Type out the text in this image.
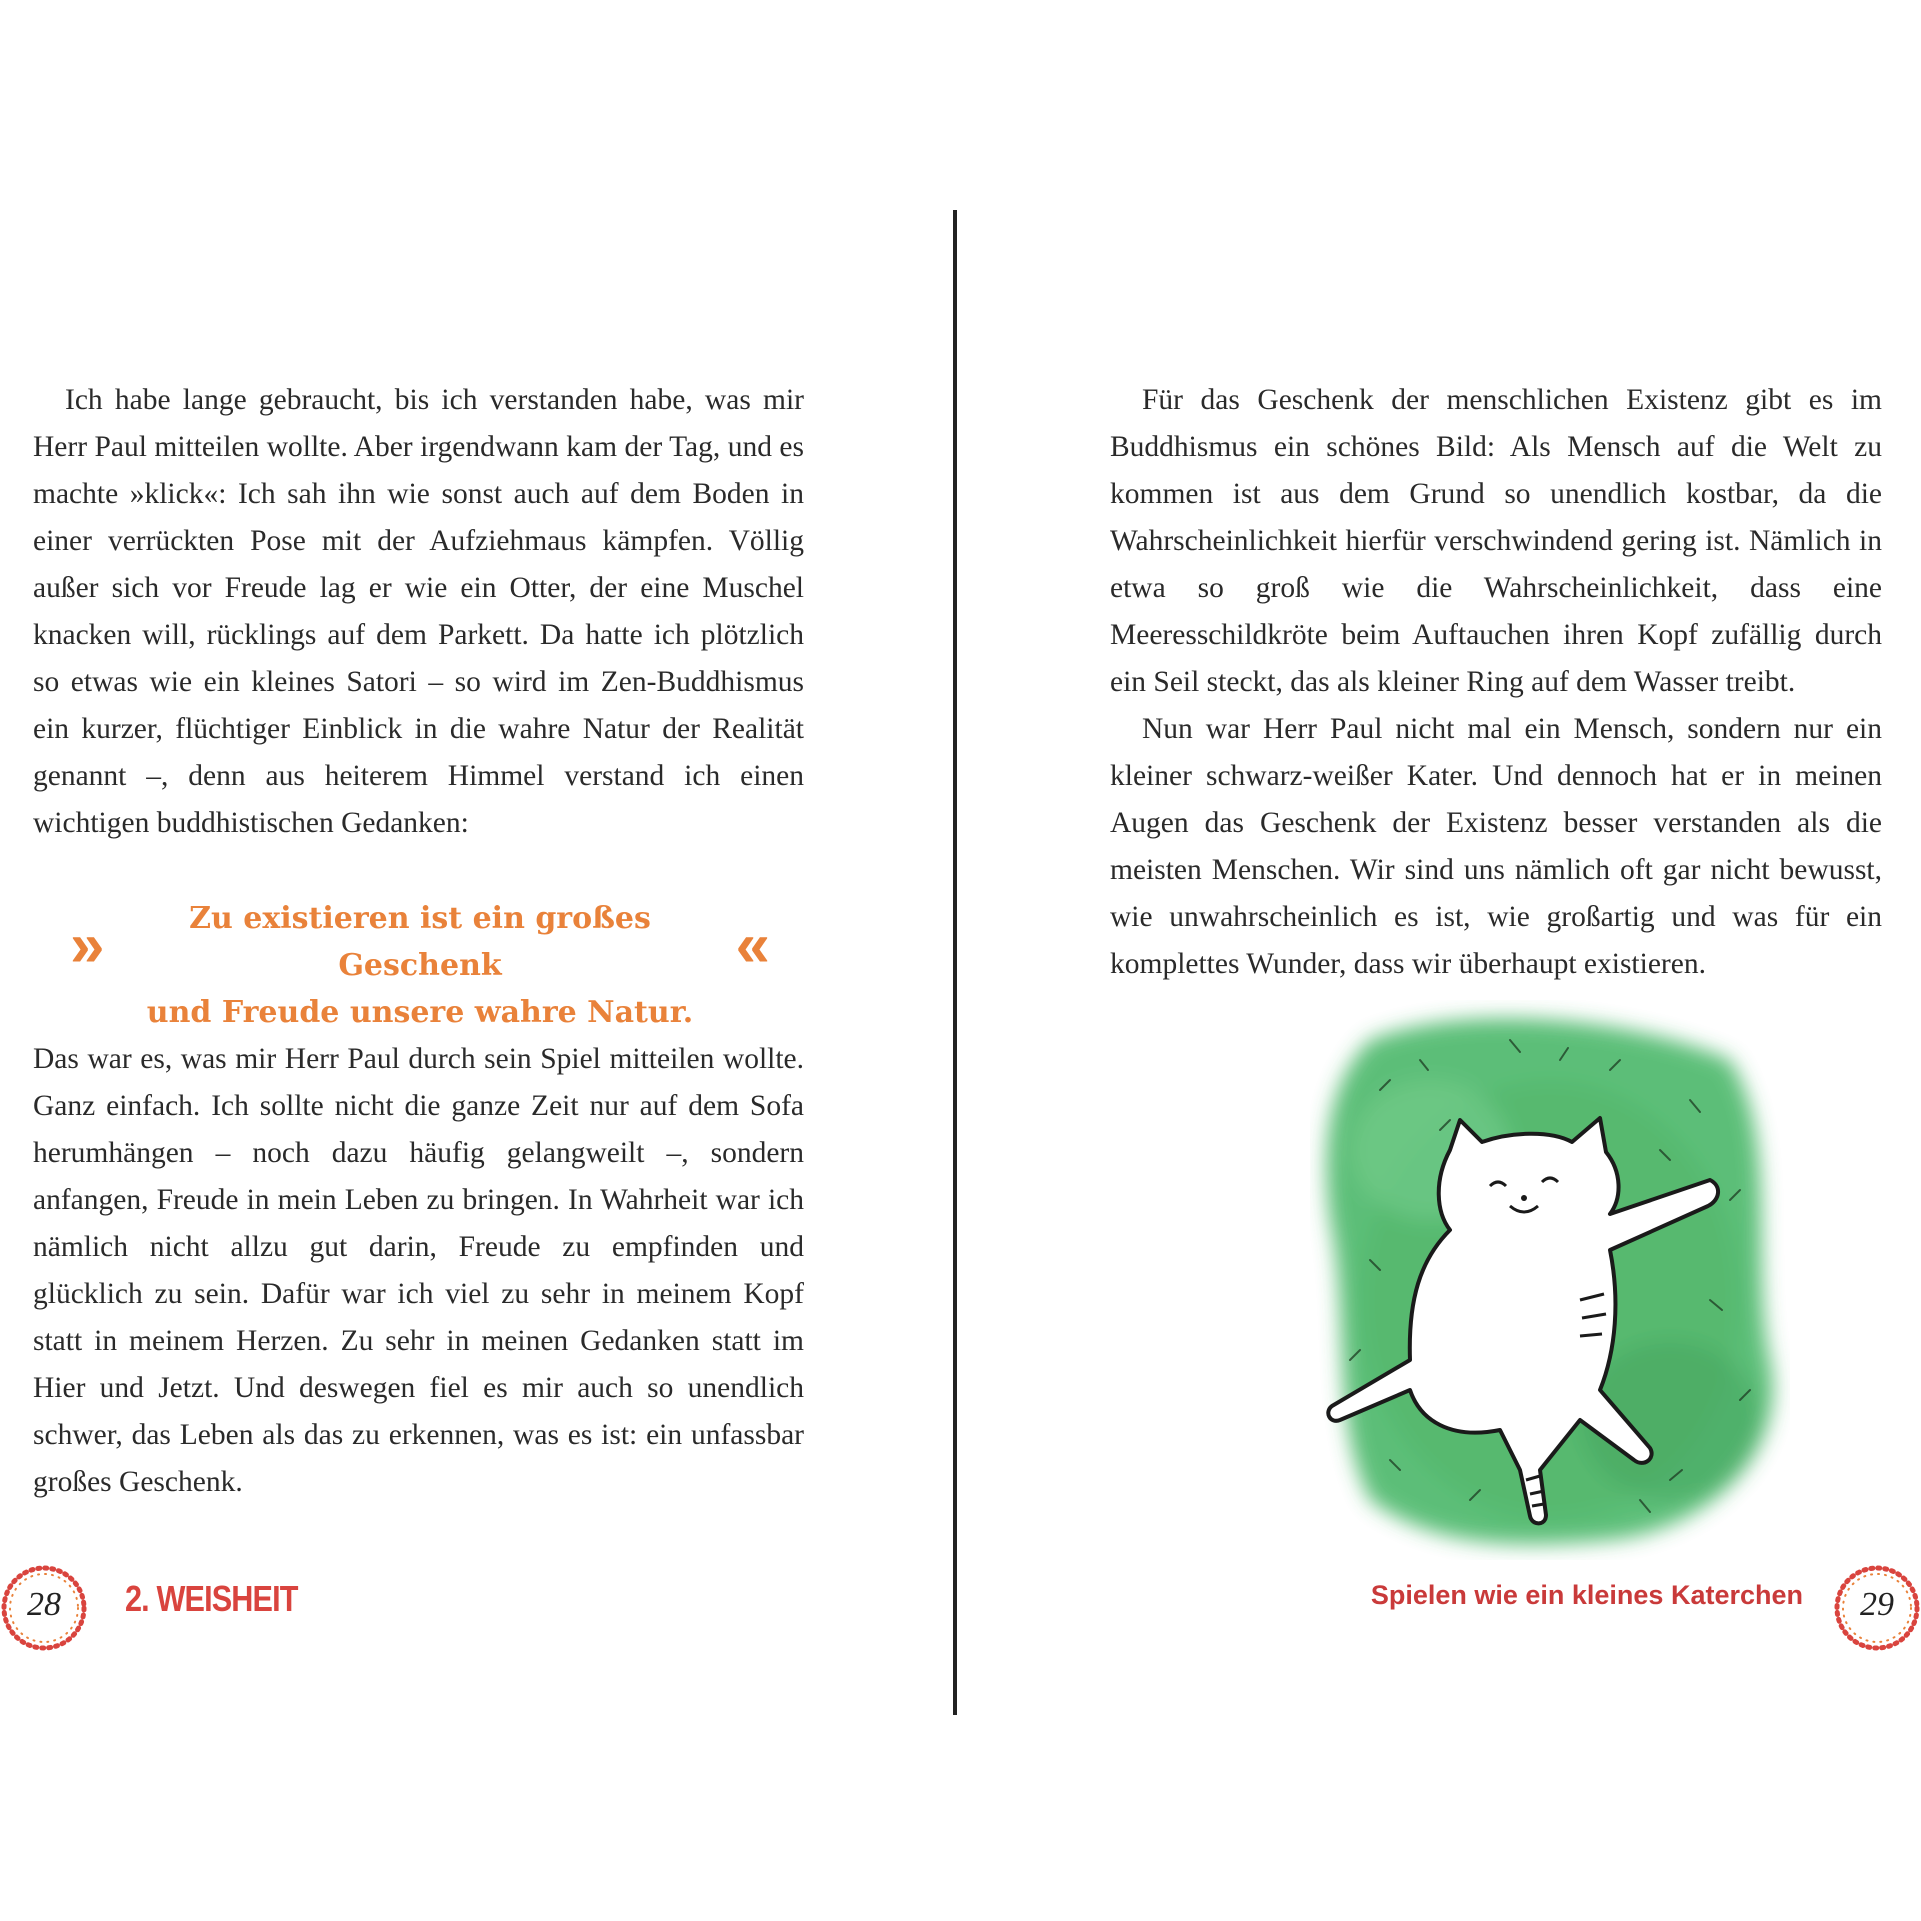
Ich habe lange gebraucht, bis ich verstanden habe, was mir Herr Paul mitteilen wollte. Aber irgendwann kam der Tag, und es machte »klick«: Ich sah ihn wie sonst auch auf dem Boden in einer verrückten Pose mit der Aufziehmaus kämpfen. Völlig außer sich vor Freude lag er wie ein Otter, der eine Muschel knacken will, rücklings auf dem Parkett. Da hatte ich plötzlich so etwas wie ein kleines Satori – so wird im Zen-Buddhismus ein kurzer, flüchtiger Einblick in die wahre Natur der Realität genannt –, denn aus heiterem Himmel verstand ich einen wichtigen buddhistischen Gedanken:

»	Zu existieren ist ein großes Geschenk
und Freude unsere wahre Natur.
«

Das war es, was mir Herr Paul durch sein Spiel mitteilen wollte. Ganz einfach. Ich sollte nicht die ganze Zeit nur auf dem Sofa herumhängen – noch dazu häufig gelangweilt –, sondern anfangen, Freude in mein Leben zu bringen. In Wahrheit war ich nämlich nicht allzu gut darin, Freude zu empfinden und glücklich zu sein. Dafür war ich viel zu sehr in meinem Kopf statt in meinem Herzen. Zu sehr in meinen Gedanken statt im Hier und Jetzt. Und deswegen fiel es mir auch so unendlich schwer, das Leben als das zu erkennen, was es ist: ein unfassbar großes Geschenk.

28	2. WEISHEIT

Für das Geschenk der menschlichen Existenz gibt es im Buddhismus ein schönes Bild: Als Mensch auf die Welt zu kommen ist aus dem Grund so unendlich kostbar, da die Wahrscheinlichkeit hierfür verschwindend gering ist. Nämlich in etwa so groß wie die Wahrscheinlichkeit, dass eine Meeresschildkröte beim Auftauchen ihren Kopf zufällig durch ein Seil steckt, das als kleiner Ring auf dem Wasser treibt.

Nun war Herr Paul nicht mal ein Mensch, sondern nur ein kleiner schwarz-weißer Kater. Und dennoch hat er in meinen Augen das Geschenk der Existenz besser verstanden als die meisten Menschen. Wir sind uns nämlich oft gar nicht bewusst, wie unwahrscheinlich es ist, wie großartig und was für ein komplettes Wunder, dass wir überhaupt existieren.

Spielen wie ein kleines Katerchen	29
